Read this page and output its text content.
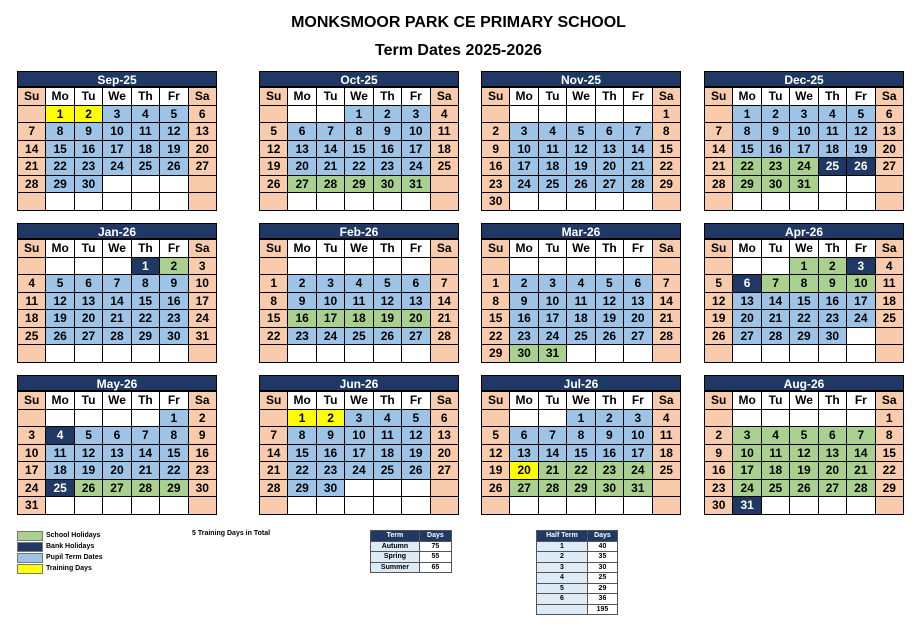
MONKSMOOR PARK CE PRIMARY SCHOOL
Term Dates 2025-2026
Sep-25
Su	Mo	Tu	We	Th	Fr	Sa
	1	2	3	4	5	6
7	8	9	10	11	12	13
14	15	16	17	18	19	20
21	22	23	24	25	26	27
28	29	30				

Oct-25
Su	Mo	Tu	We	Th	Fr	Sa
			1	2	3	4
5	6	7	8	9	10	11
12	13	14	15	16	17	18
19	20	21	22	23	24	25
26	27	28	29	30	31	

Nov-25
Su	Mo	Tu	We	Th	Fr	Sa
						1
2	3	4	5	6	7	8
9	10	11	12	13	14	15
16	17	18	19	20	21	22
23	24	25	26	27	28	29
30						
Dec-25
Su	Mo	Tu	We	Th	Fr	Sa
	1	2	3	4	5	6
7	8	9	10	11	12	13
14	15	16	17	18	19	20
21	22	23	24	25	26	27
28	29	30	31			

Jan-26
Su	Mo	Tu	We	Th	Fr	Sa
				1	2	3
4	5	6	7	8	9	10
11	12	13	14	15	16	17
18	19	20	21	22	23	24
25	26	27	28	29	30	31

Feb-26
Su	Mo	Tu	We	Th	Fr	Sa

1	2	3	4	5	6	7
8	9	10	11	12	13	14
15	16	17	18	19	20	21
22	23	24	25	26	27	28

Mar-26
Su	Mo	Tu	We	Th	Fr	Sa

1	2	3	4	5	6	7
8	9	10	11	12	13	14
15	16	17	18	19	20	21
22	23	24	25	26	27	28
29	30	31				
Apr-26
Su	Mo	Tu	We	Th	Fr	Sa
			1	2	3	4
5	6	7	8	9	10	11
12	13	14	15	16	17	18
19	20	21	22	23	24	25
26	27	28	29	30		

May-26
Su	Mo	Tu	We	Th	Fr	Sa
					1	2
3	4	5	6	7	8	9
10	11	12	13	14	15	16
17	18	19	20	21	22	23
24	25	26	27	28	29	30
31						
Jun-26
Su	Mo	Tu	We	Th	Fr	Sa
	1	2	3	4	5	6
7	8	9	10	11	12	13
14	15	16	17	18	19	20
21	22	23	24	25	26	27
28	29	30				

Jul-26
Su	Mo	Tu	We	Th	Fr	Sa
			1	2	3	4
5	6	7	8	9	10	11
12	13	14	15	16	17	18
19	20	21	22	23	24	25
26	27	28	29	30	31	

Aug-26
Su	Mo	Tu	We	Th	Fr	Sa
						1
2	3	4	5	6	7	8
9	10	11	12	13	14	15
16	17	18	19	20	21	22
23	24	25	26	27	28	29
30	31					
School Holidays
Bank Holidays
Pupil Term Dates
Training Days
5 Training Days in Total	Term	Days
Autumn	75
Spring	55
Summer	65
Half Term	Days
1	40
2	35
3	30
4	25
5	29
6	36
	195
